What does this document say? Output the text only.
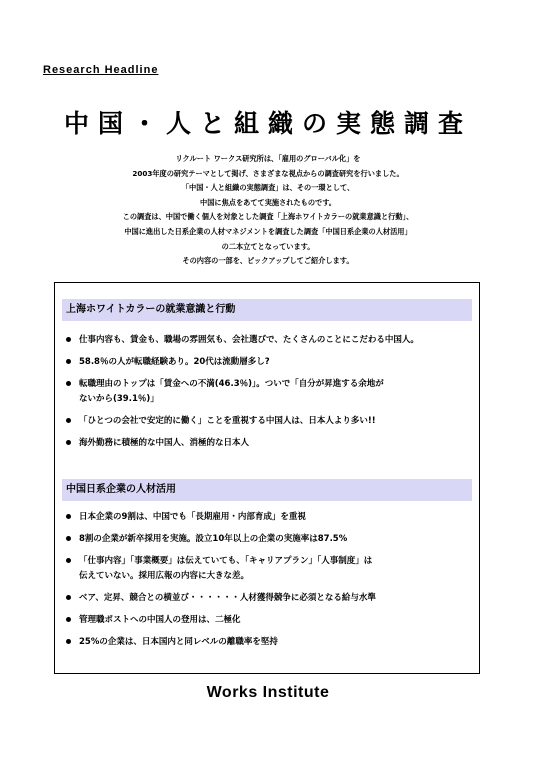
Research Headline
中国・人と組織の実態調査
リクルート ワークス研究所は、「雇用のグローバル化」を
2003年度の研究テーマとして掲げ、さまざまな視点からの調査研究を行いました。
「中国・人と組織の実態調査」は、その一環として、
中国に焦点をあてて実施されたものです。
この調査は、中国で働く個人を対象とした調査「上海ホワイトカラーの就業意識と行動」、
中国に進出した日系企業の人材マネジメントを調査した調査「中国日系企業の人材活用」
の二本立てとなっています。
その内容の一部を、ピックアップしてご紹介します。
上海ホワイトカラーの就業意識と行動
仕事内容も、賃金も、職場の雰囲気も、会社選びで、たくさんのことにこだわる中国人。
58.8％の人が転職経験あり。20代は流動層多し?
転職理由のトップは「賃金への不満(46.3％)」。ついで「自分が昇進する余地が
ないから(39.1％)」
「ひとつの会社で安定的に働く」ことを重視する中国人は、日本人より多い!!
海外勤務に積極的な中国人、消極的な日本人
中国日系企業の人材活用
日本企業の9割は、中国でも「長期雇用・内部育成」を重視
8割の企業が新卒採用を実施。設立10年以上の企業の実施率は87.5%
「仕事内容」「事業概要」は伝えていても、「キャリアプラン」「人事制度」は
伝えていない。採用広報の内容に大きな差。
ベア、定昇、競合との横並び・・・・・・人材獲得競争に必須となる給与水準
管理職ポストへの中国人の登用は、二極化
25%の企業は、日本国内と同レベルの離職率を堅持
Works Institute
